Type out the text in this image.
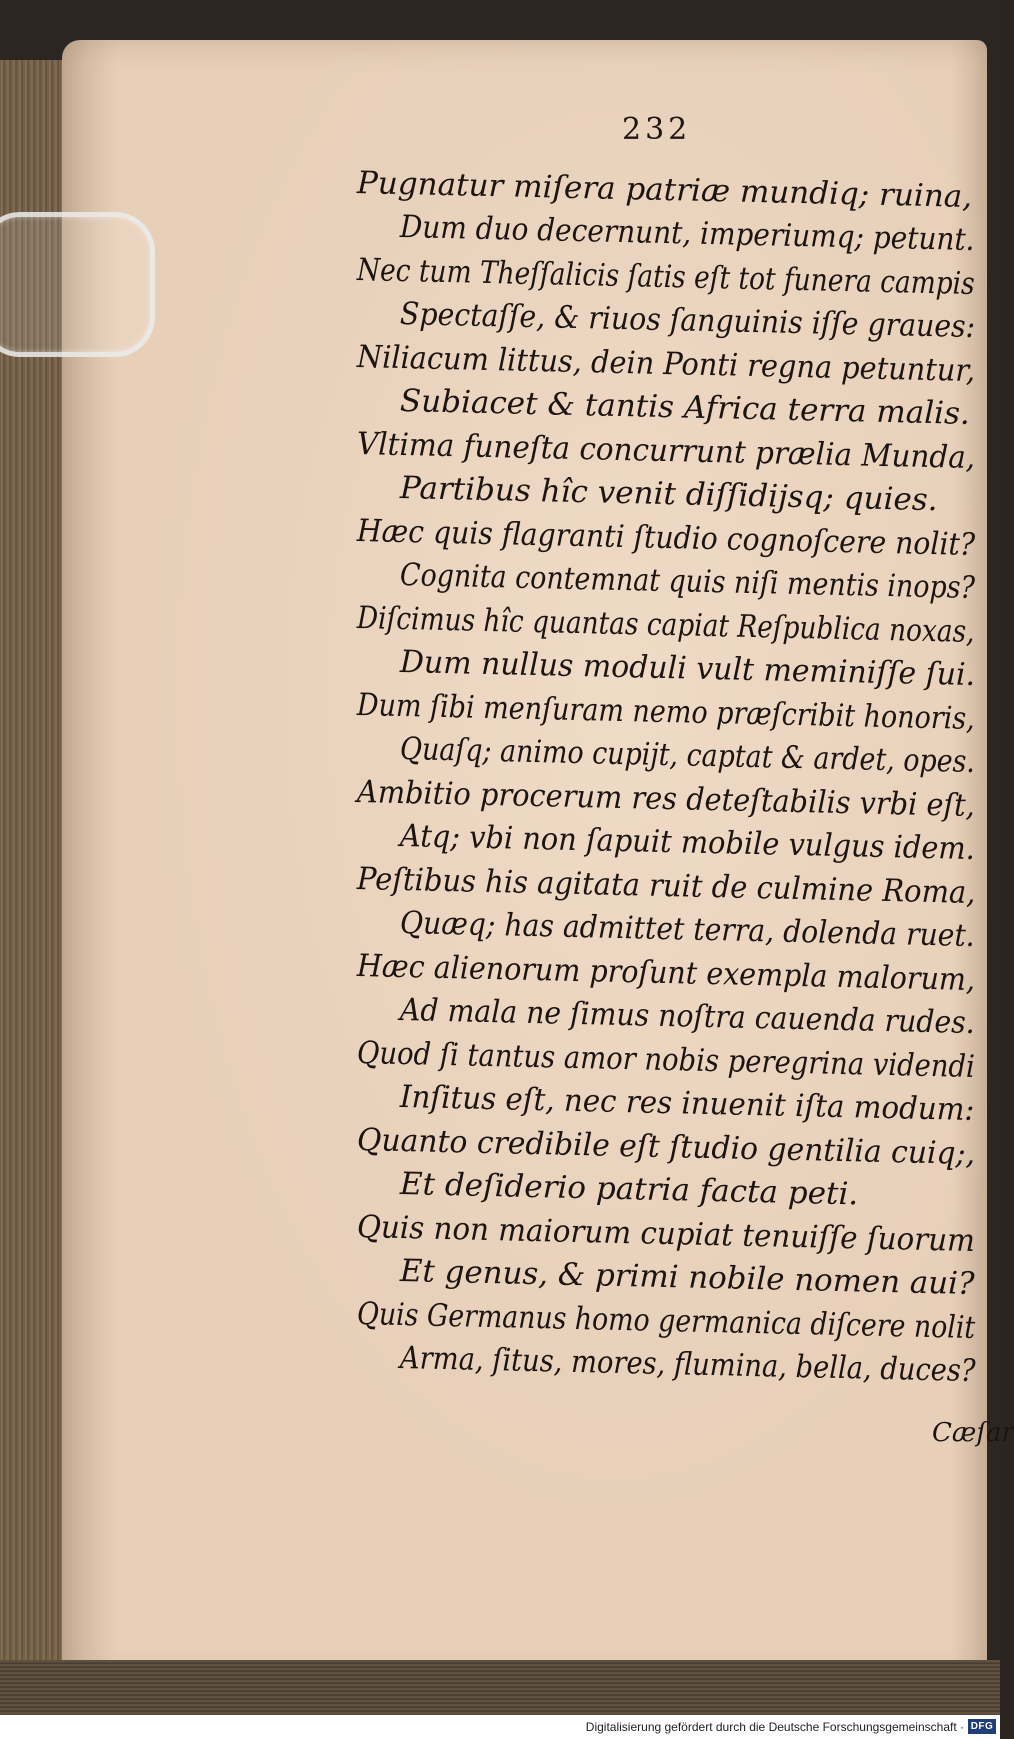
232
Pugnatur miſera patriæ mundiq; ruina,
Dum duo decernunt, imperiumq; petunt.
Nec tum Theſſalicis ſatis eſt tot funera campis
Spectaſſe, & riuos ſanguinis iſſe graues:
Niliacum littus, dein Ponti regna petuntur,
Subiacet & tantis Africa terra malis.
Vltima funeſta concurrunt prælia Munda,
Partibus hîc venit diſſidijsq; quies.
Hæc quis flagranti ſtudio cognoſcere nolit?
Cognita contemnat quis niſi mentis inops?
Diſcimus hîc quantas capiat Reſpublica noxas,
Dum nullus moduli vult meminiſſe ſui.
Dum ſibi menſuram nemo præſcribit honoris,
Quaſq; animo cupijt, captat & ardet, opes.
Ambitio procerum res deteſtabilis vrbi eſt,
Atq; vbi non ſapuit mobile vulgus idem.
Peſtibus his agitata ruit de culmine Roma,
Quæq; has admittet terra, dolenda ruet.
Hæc alienorum proſunt exempla malorum,
Ad mala ne ſimus noſtra cauenda rudes.
Quod ſi tantus amor nobis peregrina videndi
Inſitus eſt, nec res inuenit iſta modum:
Quanto credibile eſt ſtudio gentilia cuiq;,
Et deſiderio patria facta peti.
Quis non maiorum cupiat tenuiſſe ſuorum
Et genus, & primi nobile nomen aui?
Quis Germanus homo germanica diſcere nolit
Arma, ſitus, mores, flumina, bella, duces?
Cæſar
Digitalisierung gefördert durch die Deutsche Forschungsgemeinschaft · DFG
